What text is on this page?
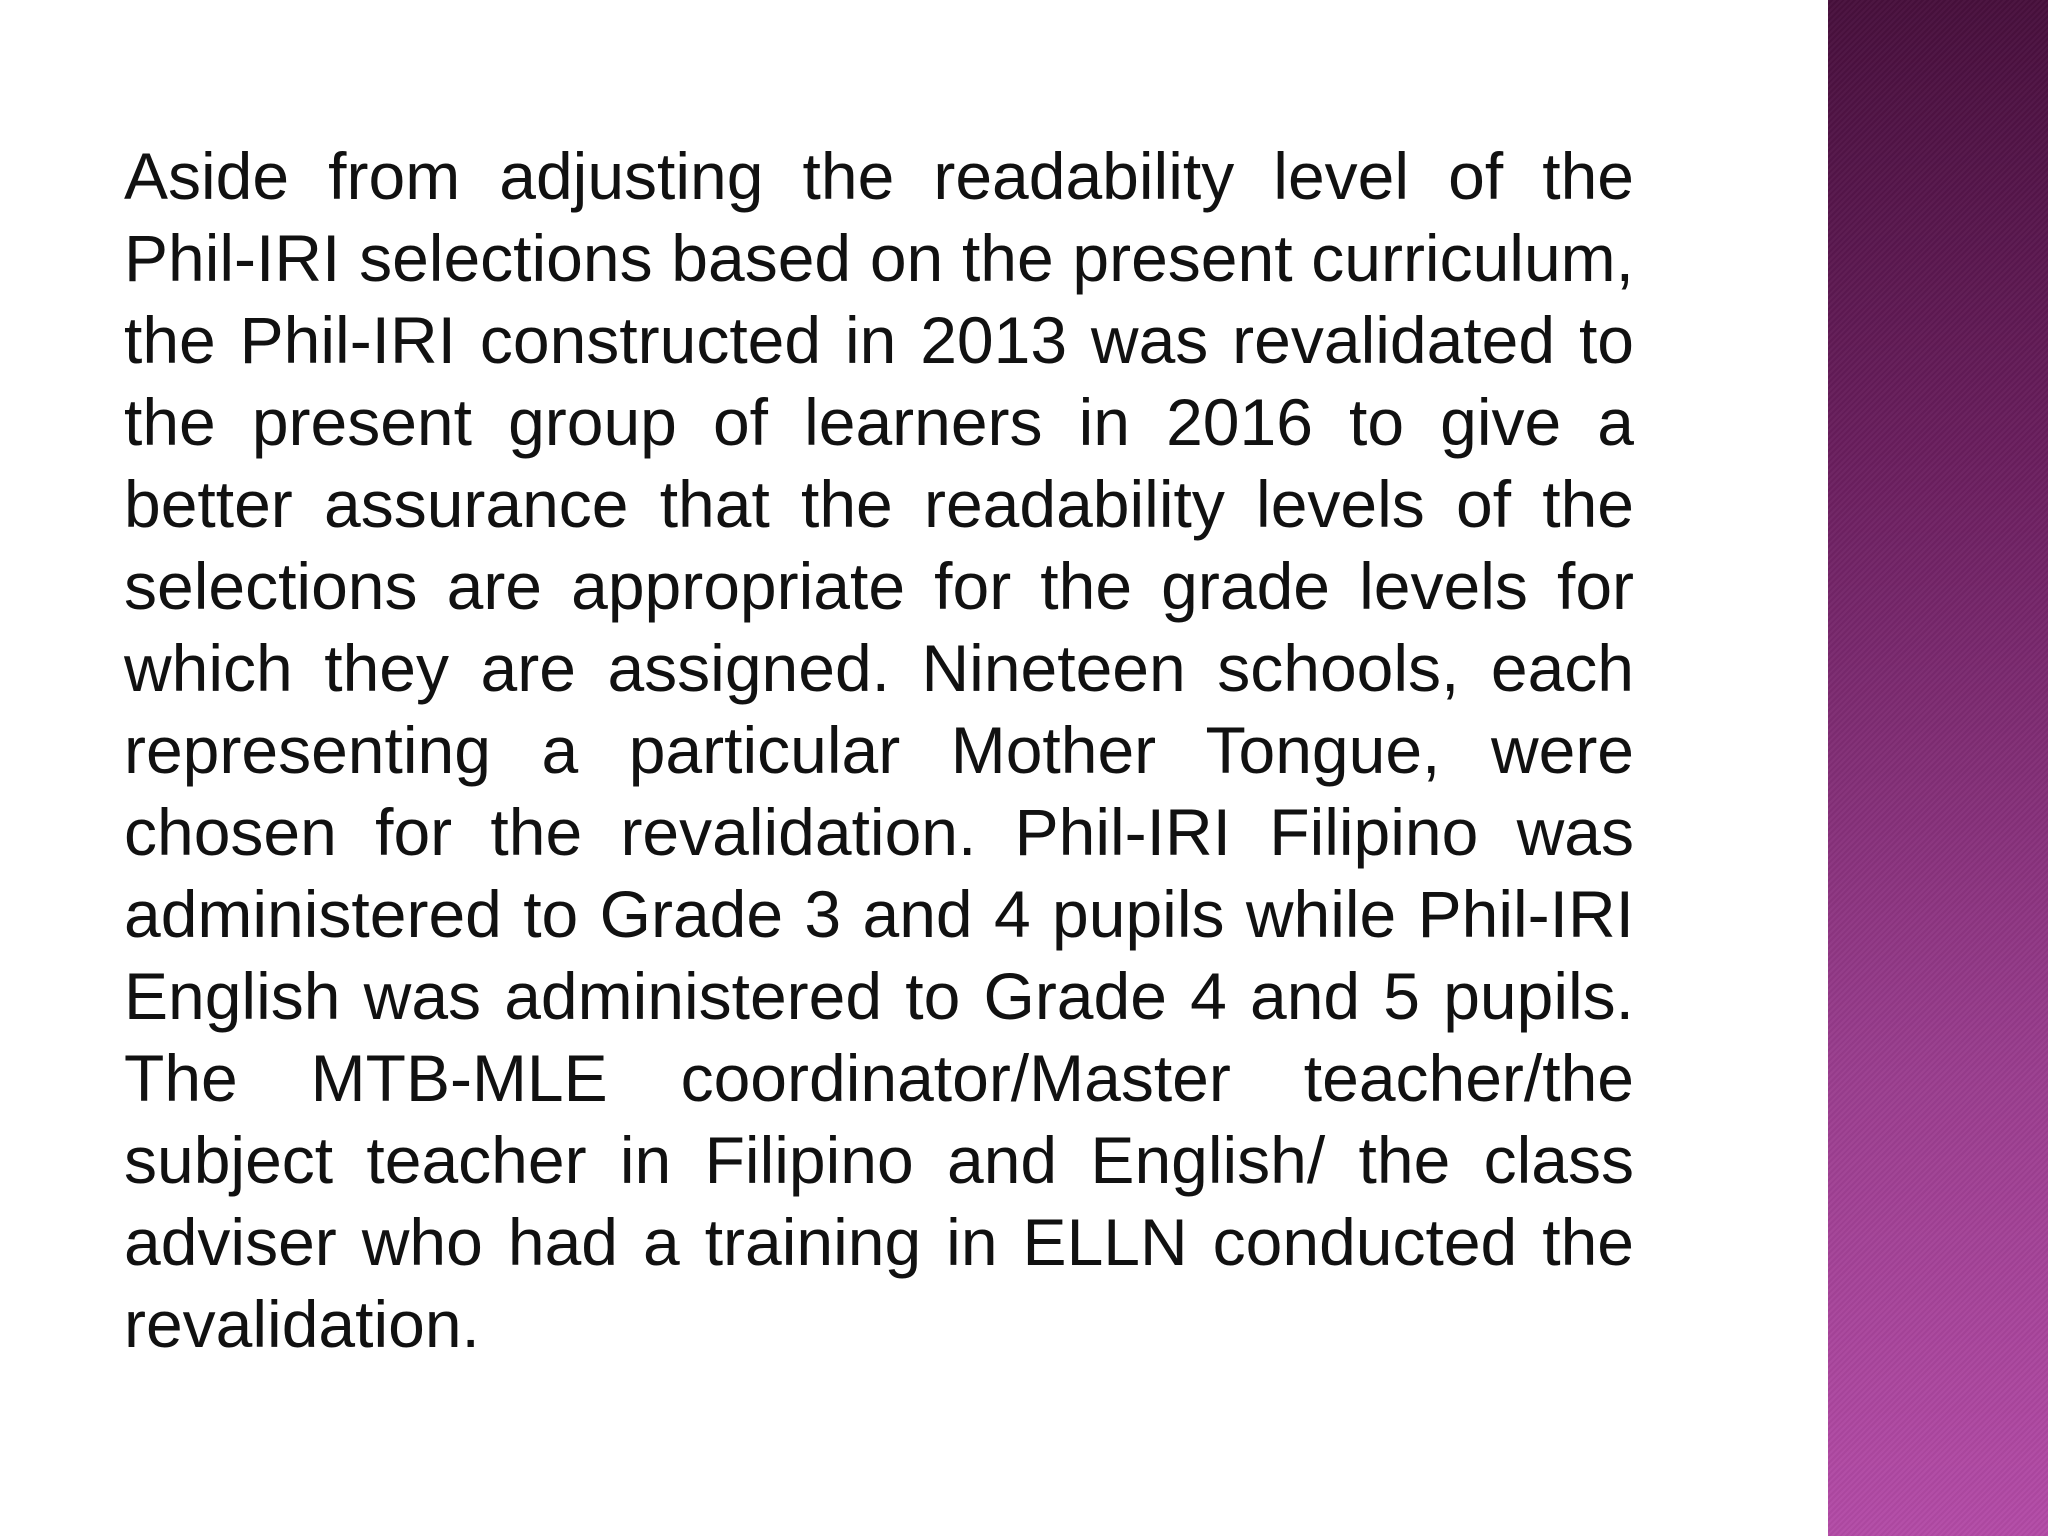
Aside from adjusting the readability level of the Phil-IRI selections based on the present curriculum, the Phil-IRI constructed in 2013 was revalidated to the present group of learners in 2016 to give a better assurance that the readability levels of the selections are appropriate for the grade levels for which they are assigned. Nineteen schools, each representing a particular Mother Tongue, were chosen for the revalidation. Phil-IRI Filipino was administered to Grade 3 and 4 pupils while Phil-IRI English was administered to Grade 4 and 5 pupils. The MTB-MLE coordinator/Master teacher/the subject teacher in Filipino and English/ the class adviser who had a training in ELLN conducted the revalidation.
